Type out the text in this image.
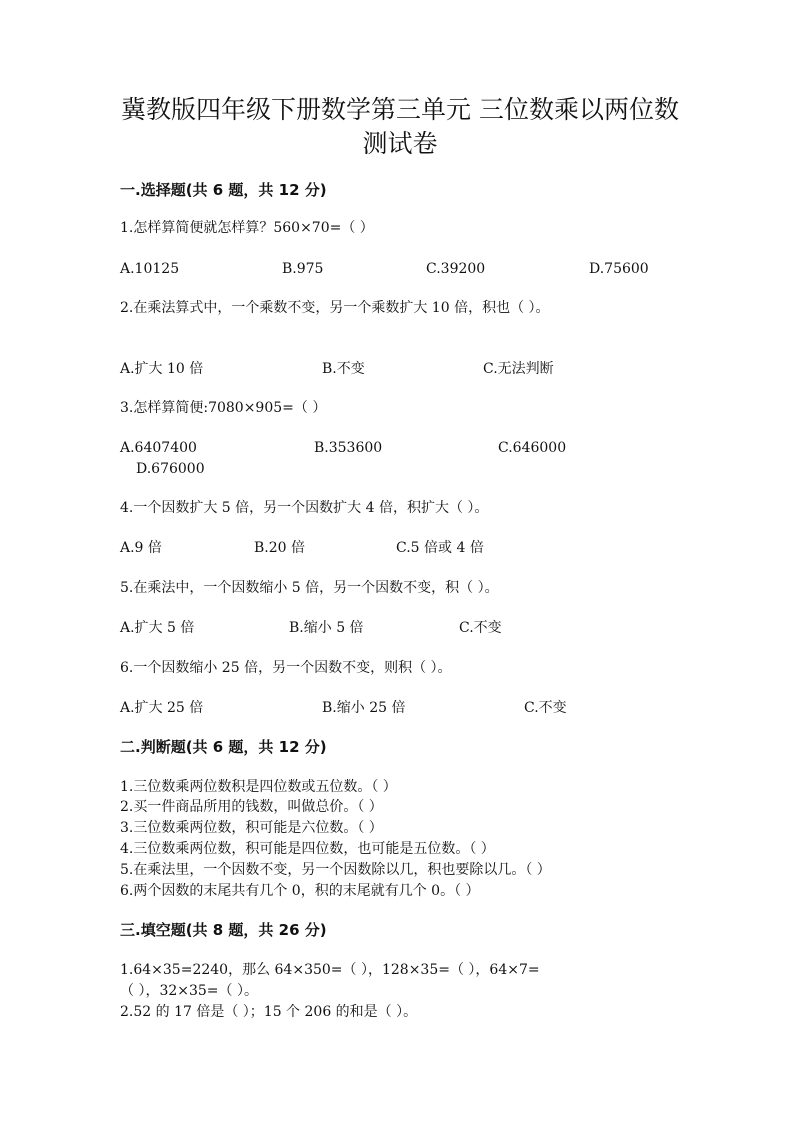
冀教版四年级下册数学第三单元 三位数乘以两位数
测试卷
一.选择题(共 6 题，共 12 分)
1.怎样算简便就怎样算？560×70=（ ）
A.10125	B.975	C.39200	D.75600
2.在乘法算式中，一个乘数不变，另一个乘数扩大 10 倍，积也（ ）。
A.扩大 10 倍	B.不变	C.无法判断
3.怎样算简便:7080×905=（ ）
A.6407400	B.353600	C.646000
D.676000
4.一个因数扩大 5 倍，另一个因数扩大 4 倍，积扩大（ ）。
A.9 倍	B.20 倍	C.5 倍或 4 倍
5.在乘法中，一个因数缩小 5 倍，另一个因数不变，积（ ）。
A.扩大 5 倍	B.缩小 5 倍	C.不变
6.一个因数缩小 25 倍，另一个因数不变，则积（ ）。
A.扩大 25 倍	B.缩小 25 倍	C.不变
二.判断题(共 6 题，共 12 分)
1.三位数乘两位数积是四位数或五位数。（ ）
2.买一件商品所用的钱数，叫做总价。（ ）
3.三位数乘两位数，积可能是六位数。（ ）
4.三位数乘两位数，积可能是四位数，也可能是五位数。（ ）
5.在乘法里，一个因数不变，另一个因数除以几，积也要除以几。（ ）
6.两个因数的末尾共有几个 0，积的末尾就有几个 0。（ ）
三.填空题(共 8 题，共 26 分)
1.64×35=2240，那么 64×350=（ ），128×35=（ ），64×7=
（ ），32×35=（ ）。
2.52 的 17 倍是（ ）；15 个 206 的和是（ ）。
